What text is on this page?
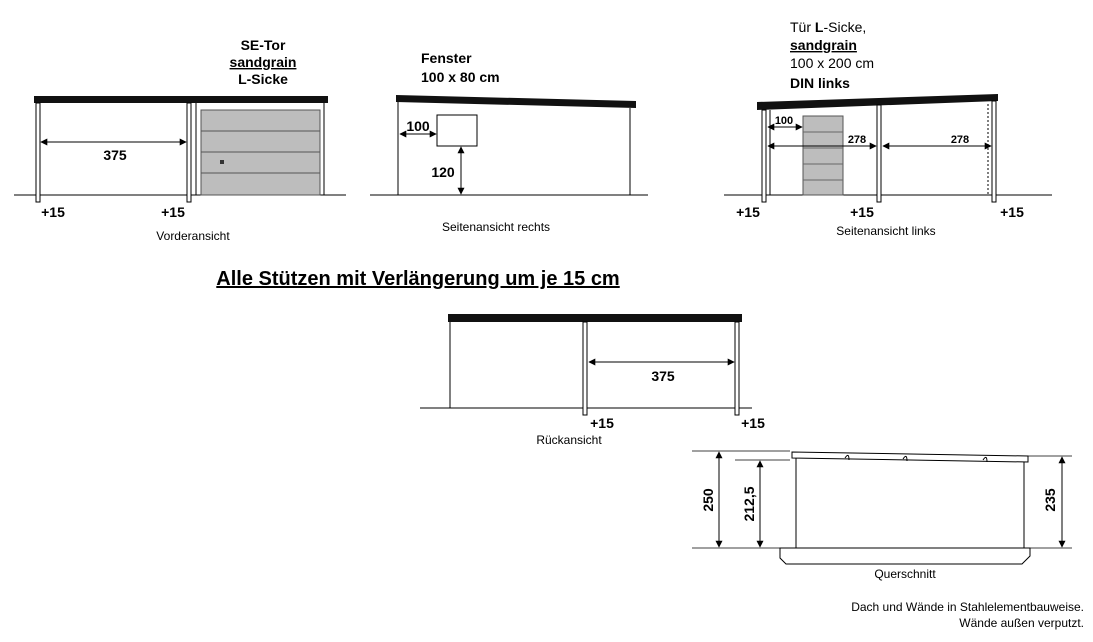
SE-Tor
sandgrain
L-Sicke
375
+15	+15
Vorderansicht
Fenster
100 x 80 cm
100
120
Seitenansicht rechts
Tür L-Sicke,
sandgrain
100 x 200 cm
DIN links
100
278	278
+15	+15	+15
Seitenansicht links
Alle Stützen mit Verlängerung um je 15 cm
375
+15	+15
Rückansicht
250 212,5	235
Querschnitt
Dach und Wände in Stahlelementbauweise.
Wände außen verputzt.
